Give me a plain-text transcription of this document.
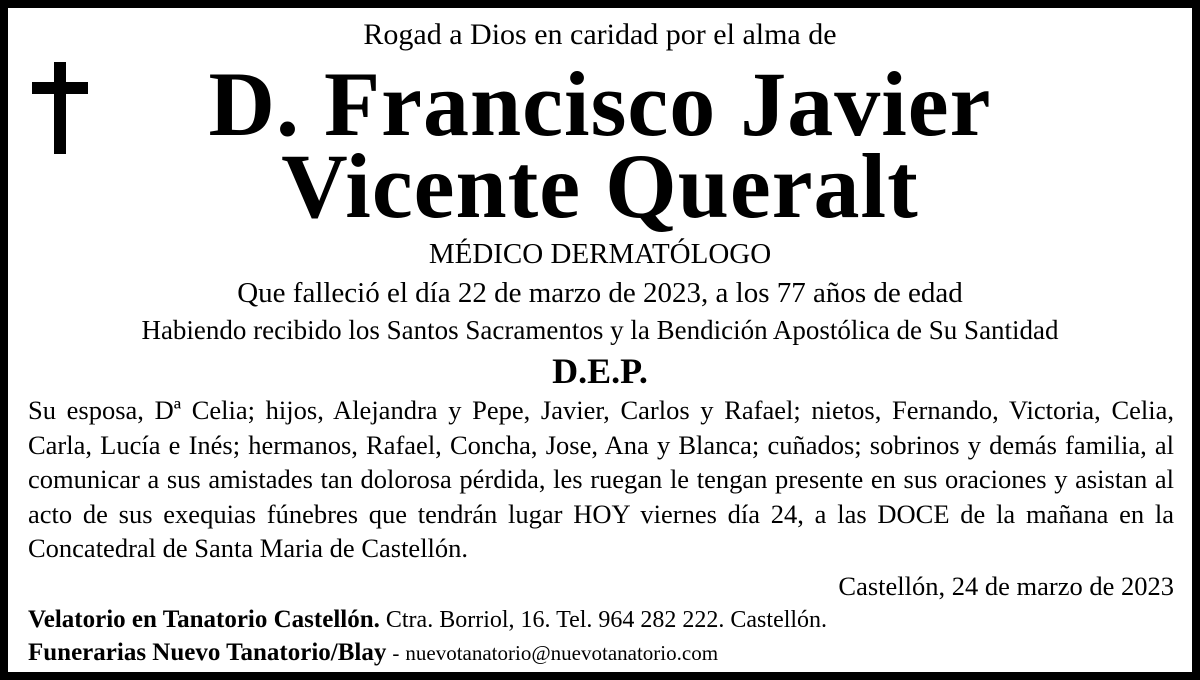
Rogad a Dios en caridad por el alma de
D. Francisco Javier
Vicente Queralt
MÉDICO DERMATÓLOGO
Que falleció el día 22 de marzo de 2023, a los 77 años de edad
Habiendo recibido los Santos Sacramentos y la Bendición Apostólica de Su Santidad
D.E.P.
Su esposa, Dª Celia; hijos, Alejandra y Pepe, Javier, Carlos y Rafael; nietos, Fernando, Victoria, Celia, Carla, Lucía e Inés; hermanos, Rafael, Concha, Jose, Ana y Blanca; cuñados; sobrinos y demás familia, al comunicar a sus amistades tan dolorosa pérdida, les ruegan le tengan presente en sus oraciones y asistan al acto de sus exequias fúnebres que tendrán lugar HOY viernes día 24, a las DOCE de la mañana en la Concatedral de Santa Maria de Castellón.
Castellón, 24 de marzo de 2023
Velatorio en Tanatorio Castellón. Ctra. Borriol, 16. Tel. 964 282 222. Castellón.
Funerarias Nuevo Tanatorio/Blay - nuevotanatorio@nuevotanatorio.com
